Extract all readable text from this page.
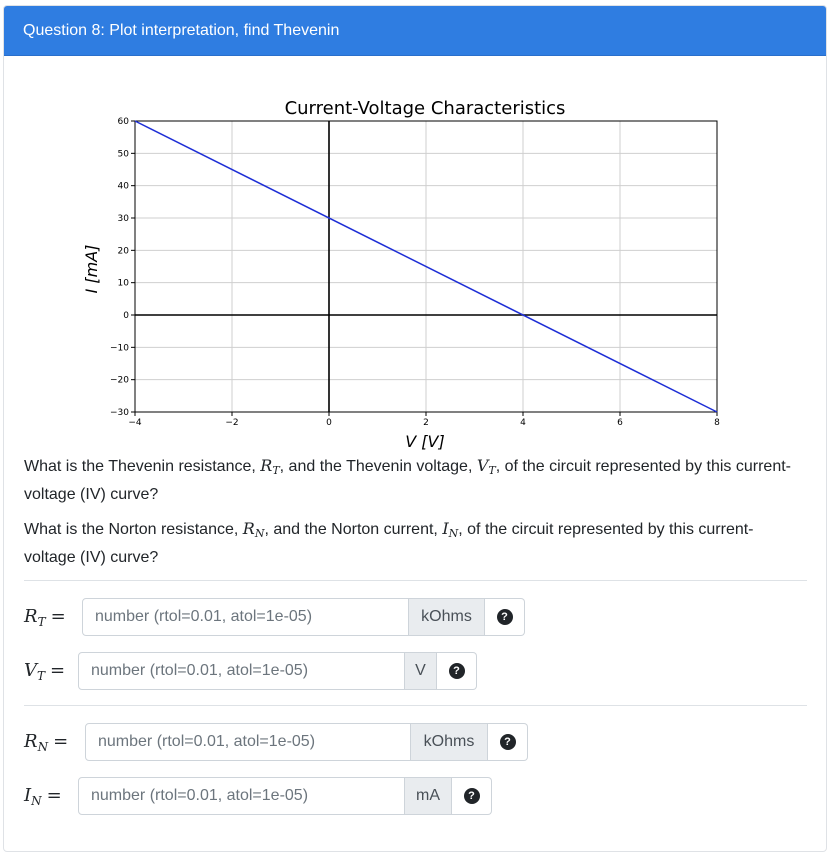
Question 8: Plot interpretation, find Thevenin
−4	−2	0	2	4	6	8
−30
−20
−10
0
10
20
30
40
50
60
Current-Voltage Characteristics
V [V]
I [mA]
What is the Thevenin resistance, $R_T$, and the Thevenin voltage, $V_T$, of the circuit represented by this current-voltage (IV) curve?
What is the Norton resistance, $R_N$, and the Norton current, $I_N$, of the circuit represented by this current-voltage (IV) curve?
$R_T$ =
number (rtol=0.01, atol=1e-05)	kOhms	?
$V_T$ =
number (rtol=0.01, atol=1e-05)	V	?
$R_N$ =
number (rtol=0.01, atol=1e-05)	kOhms	?
$I_N$ =
number (rtol=0.01, atol=1e-05)	mA	?
